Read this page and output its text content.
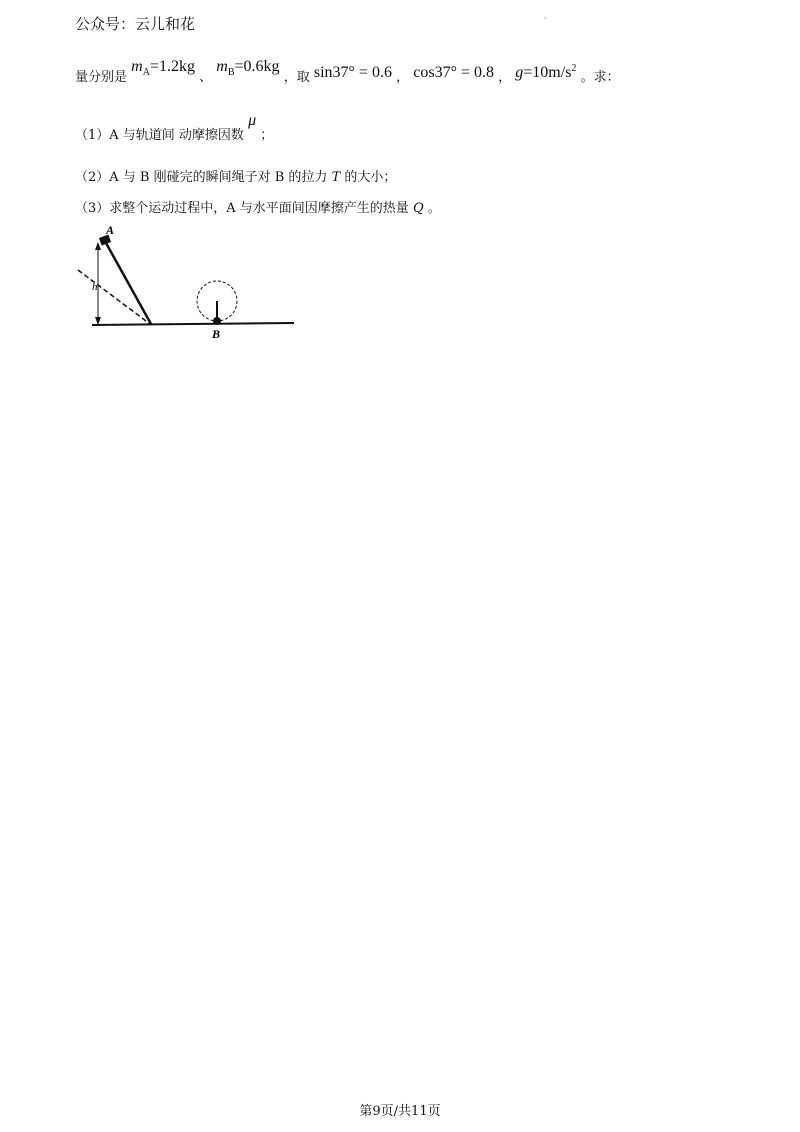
公众号：云儿和花	·
量分别是 $m_A=1.2kg$ 、 $m_B=0.6kg$ ，取 sin37° = 0.6 ， cos37° = 0.8 ， $g=10m/s^2$ 。求：
（1）A 与轨道间 动摩擦因数 μ ；
（2）A 与 B 刚碰完的瞬间绳子对 B 的拉力 T 的大小；
（3）求整个运动过程中，A 与水平面间因摩擦产生的热量 Q 。
A
h
B
第9页/共11页
